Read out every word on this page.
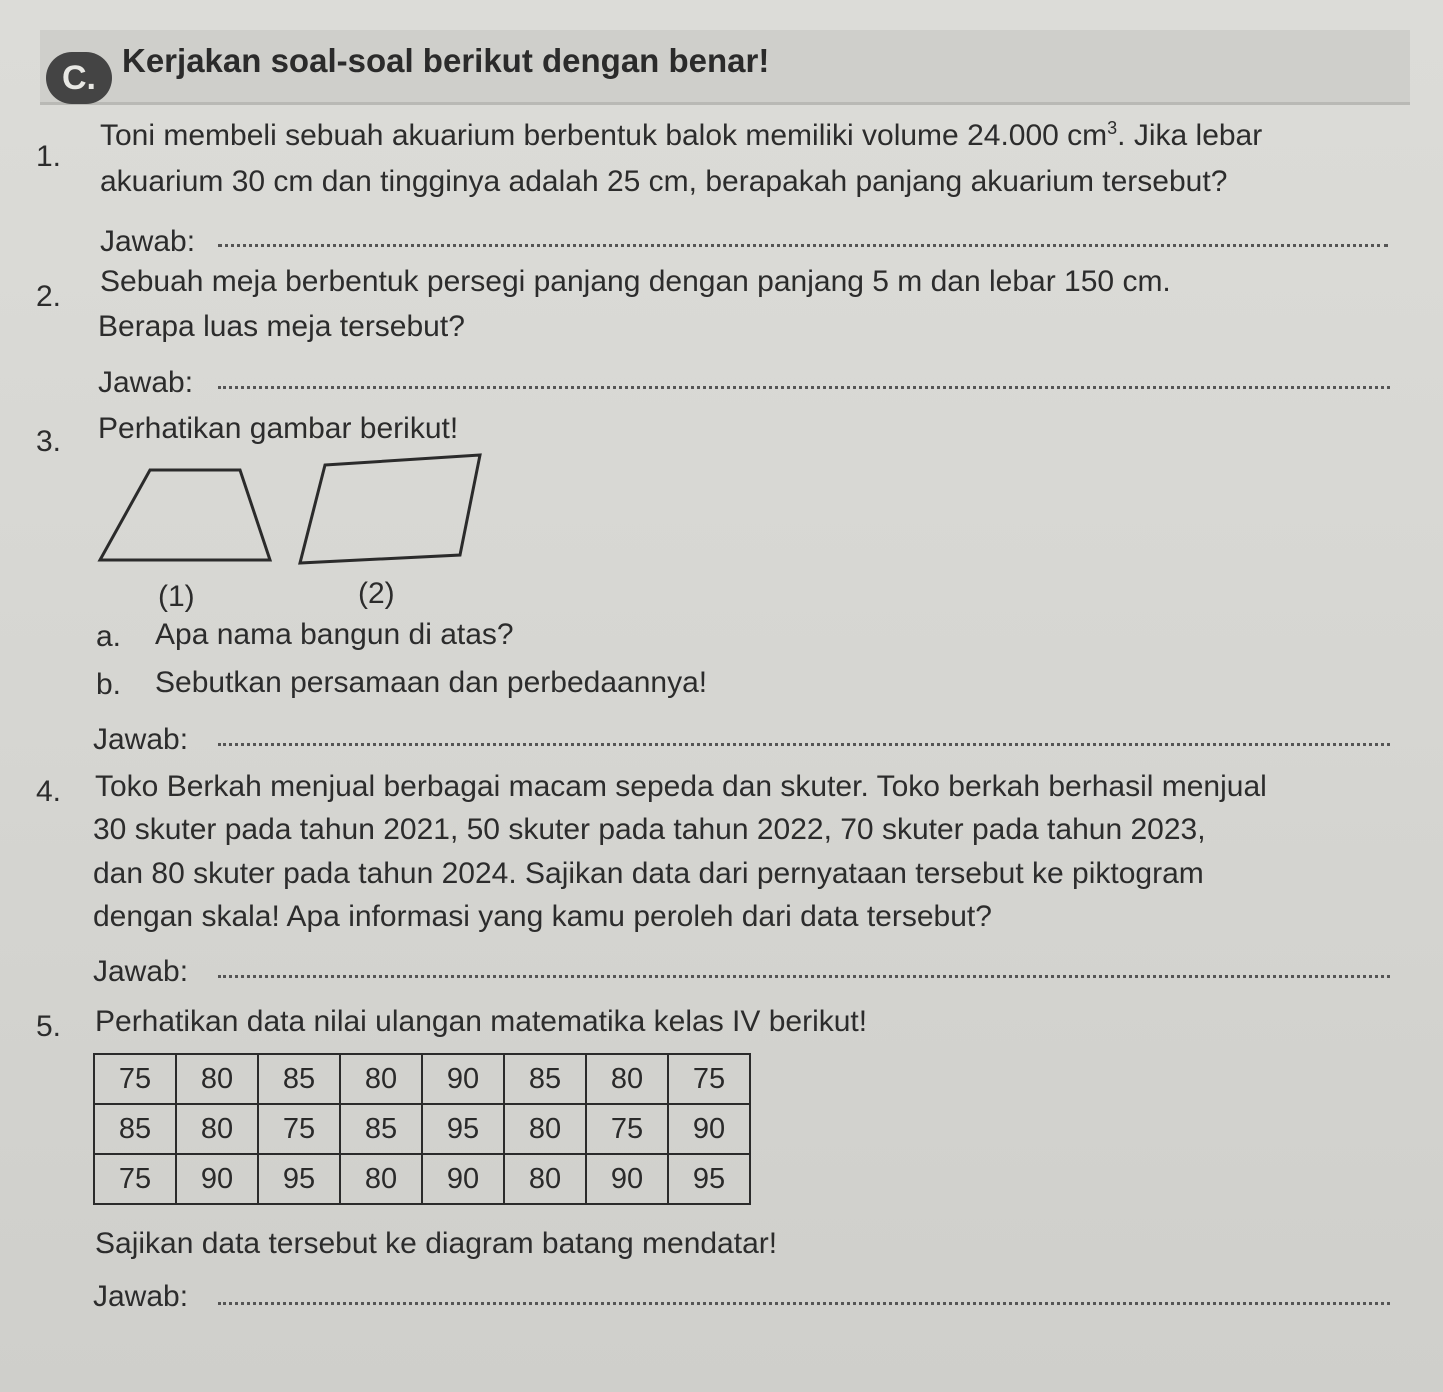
C. Kerjakan soal-soal berikut dengan benar!
1.
Toni membeli sebuah akuarium berbentuk balok memiliki volume 24.000 $cm^3$. Jika lebar
akuarium 30 cm dan tingginya adalah 25 cm, berapakah panjang akuarium tersebut?
Jawab:
2. Sebuah meja berbentuk persegi panjang dengan panjang 5 m dan lebar 150 cm.
Berapa luas meja tersebut?
Jawab:
3. Perhatikan gambar berikut!
(1)	(2)
a. Apa nama bangun di atas?
b. Sebutkan persamaan dan perbedaannya!
Jawab:
4. Toko Berkah menjual berbagai macam sepeda dan skuter. Toko berkah berhasil menjual
30 skuter pada tahun 2021, 50 skuter pada tahun 2022, 70 skuter pada tahun 2023,
dan 80 skuter pada tahun 2024. Sajikan data dari pernyataan tersebut ke piktogram
dengan skala! Apa informasi yang kamu peroleh dari data tersebut?
Jawab:
5. Perhatikan data nilai ulangan matematika kelas IV berikut!
75	80	85	80	90	85	80	75
85	80	75	85	95	80	75	90
75	90	95	80	90	80	90	95
Sajikan data tersebut ke diagram batang mendatar!
Jawab:
